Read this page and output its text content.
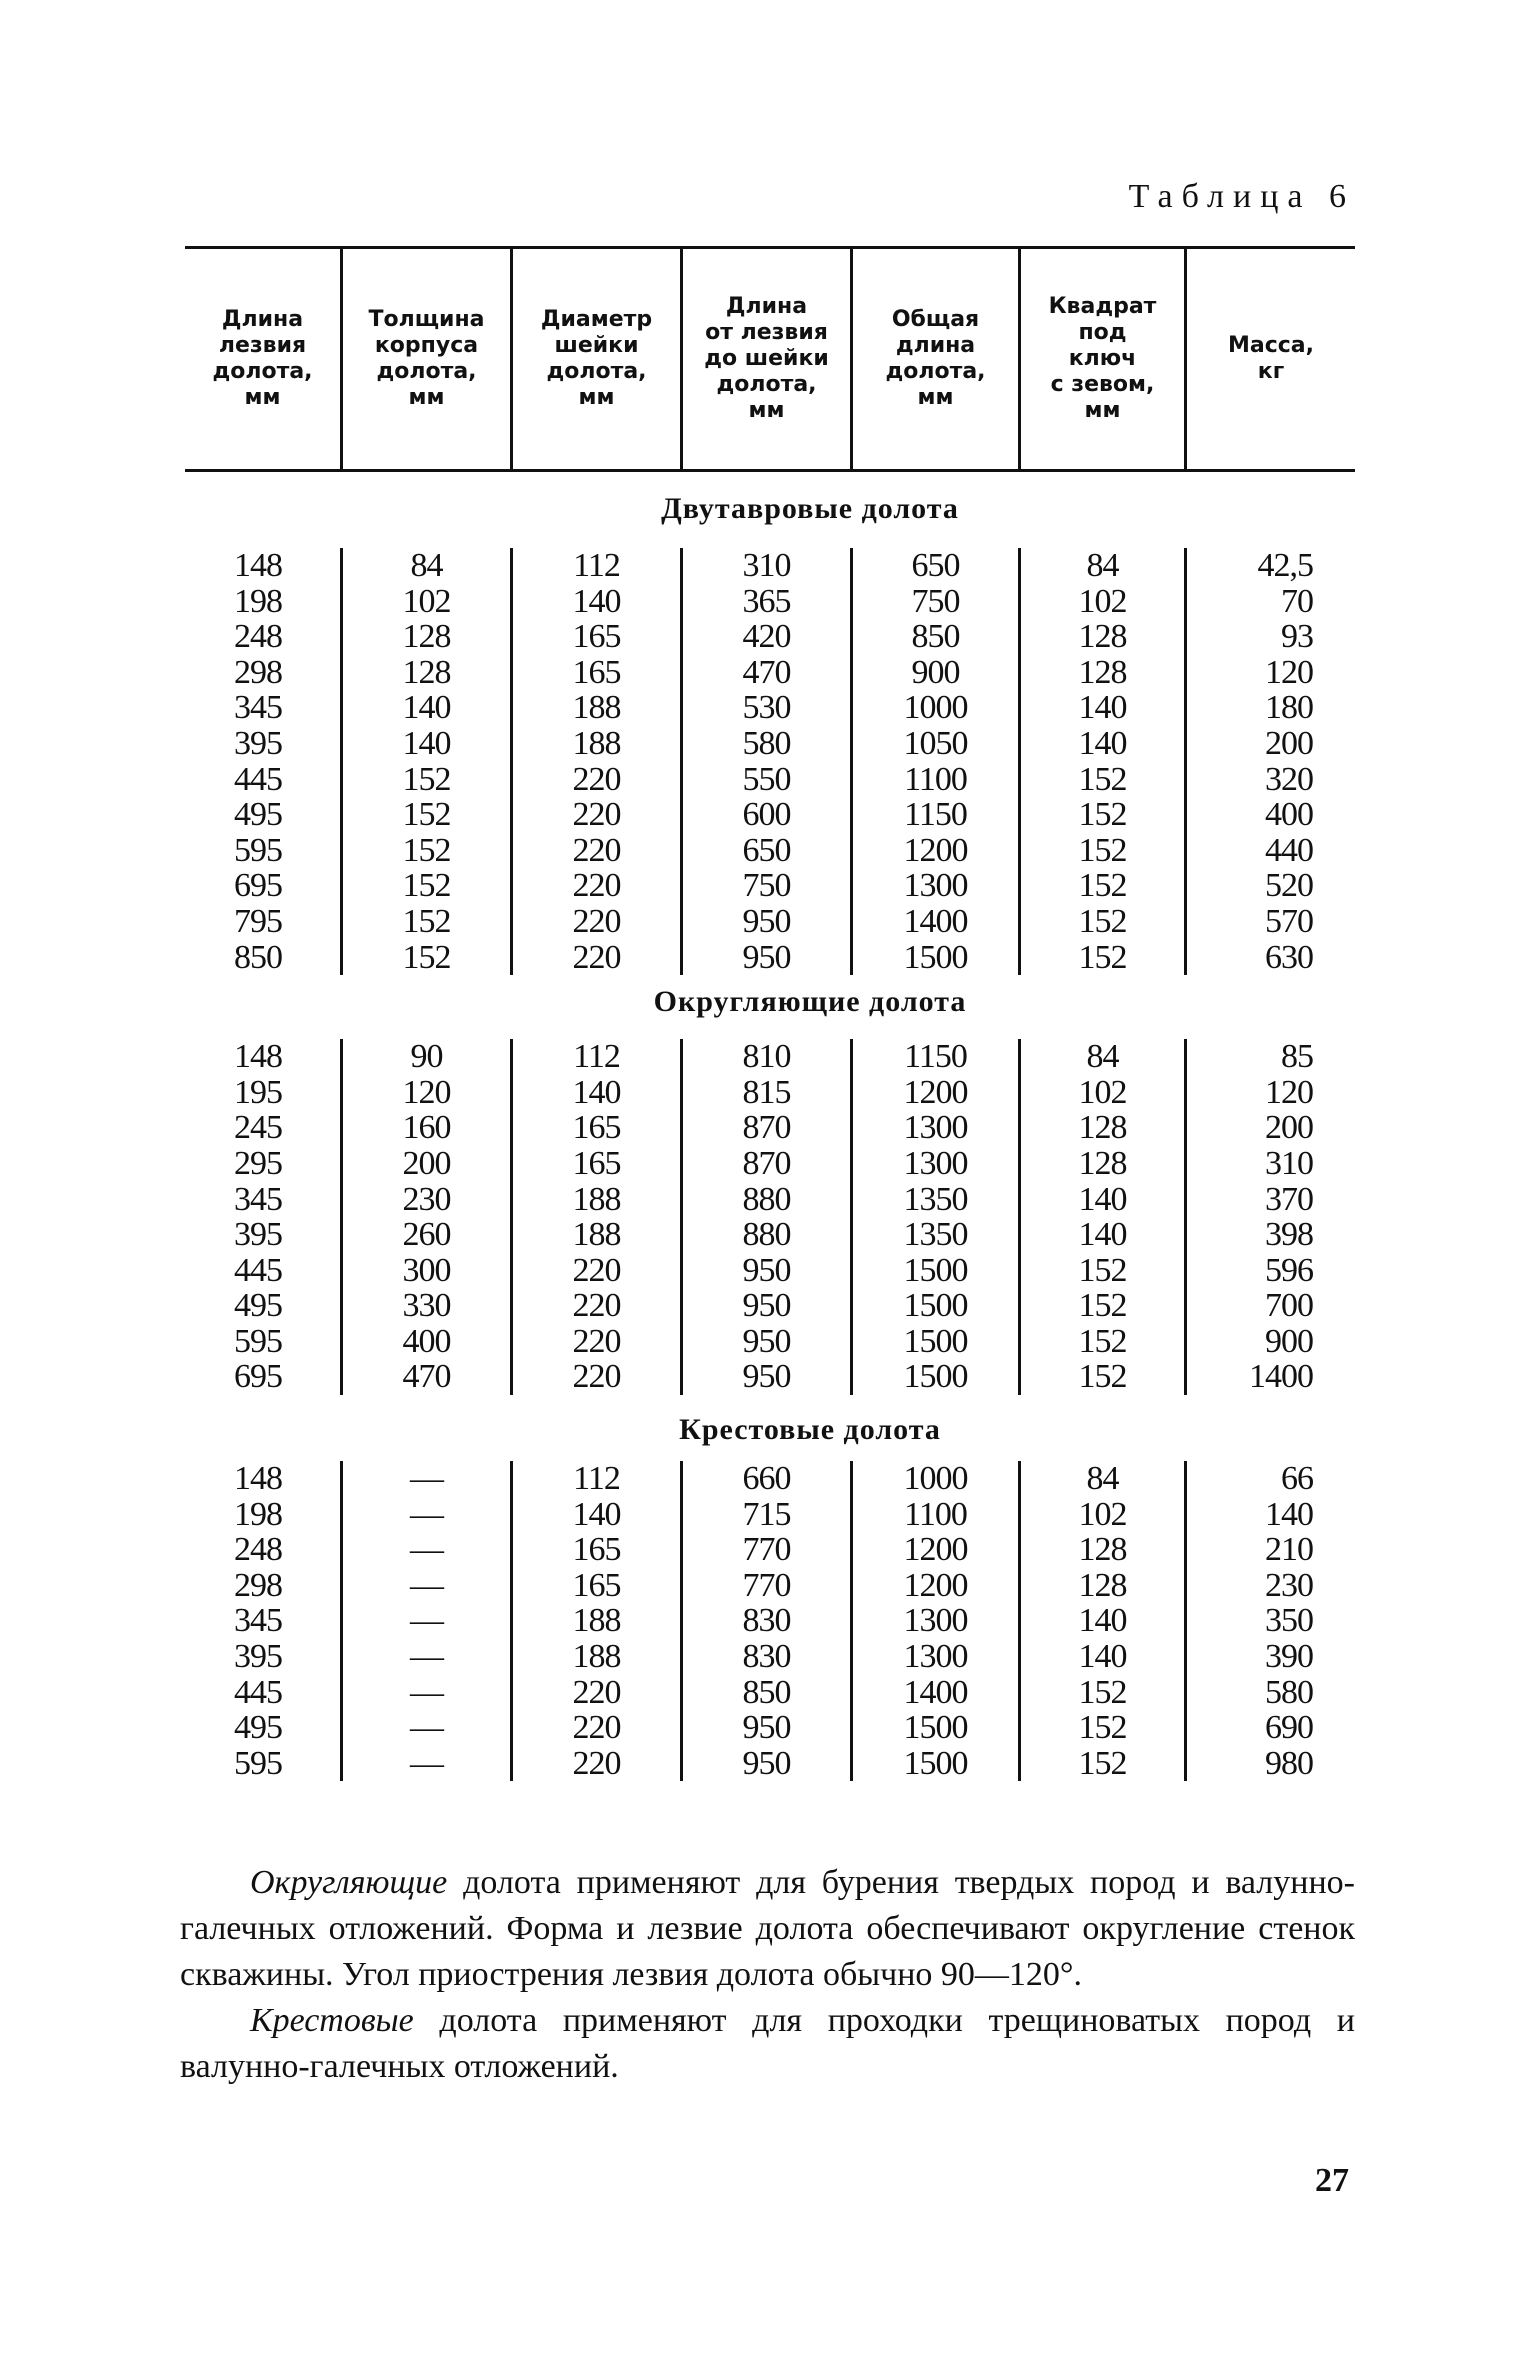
Таблица 6
Длина
лезвия
долота,
мм
Толщина
корпуса
долота,
мм
Диаметр
шейки
долота,
мм
Длина
от лезвия
до шейки
долота,
мм
Общая
длина
долота,
мм
Квадрат
под
ключ
с зевом,
мм
Масса,
кг
Двутавровые долота
148
198
248
298
345
395
445
495
595
695
795
850
84
102
128
128
140
140
152
152
152
152
152
152
112
140
165
165
188
188
220
220
220
220
220
220
310
365
420
470
530
580
550
600
650
750
950
950
650
750
850
900
1000
1050
1100
1150
1200
1300
1400
1500
84
102
128
128
140
140
152
152
152
152
152
152
42,5
70
93
120
180
200
320
400
440
520
570
630
Округляющие долота
148
195
245
295
345
395
445
495
595
695
90
120
160
200
230
260
300
330
400
470
112
140
165
165
188
188
220
220
220
220
810
815
870
870
880
880
950
950
950
950
1150
1200
1300
1300
1350
1350
1500
1500
1500
1500
84
102
128
128
140
140
152
152
152
152
85
120
200
310
370
398
596
700
900
1400
Крестовые долота
148
198
248
298
345
395
445
495
595
—
—
—
—
—
—
—
—
—
112
140
165
165
188
188
220
220
220
660
715
770
770
830
830
850
950
950
1000
1100
1200
1200
1300
1300
1400
1500
1500
84
102
128
128
140
140
152
152
152
66
140
210
230
350
390
580
690
980

Округляющие долота применяют для бурения твердых пород и валунно-галечных отложений. Форма и лезвие долота обеспечивают округление стенок скважины. Угол приострения лезвия долота обычно 90—120°.

Крестовые долота применяют для проходки трещиноватых пород и валунно-галечных отложений.

27
